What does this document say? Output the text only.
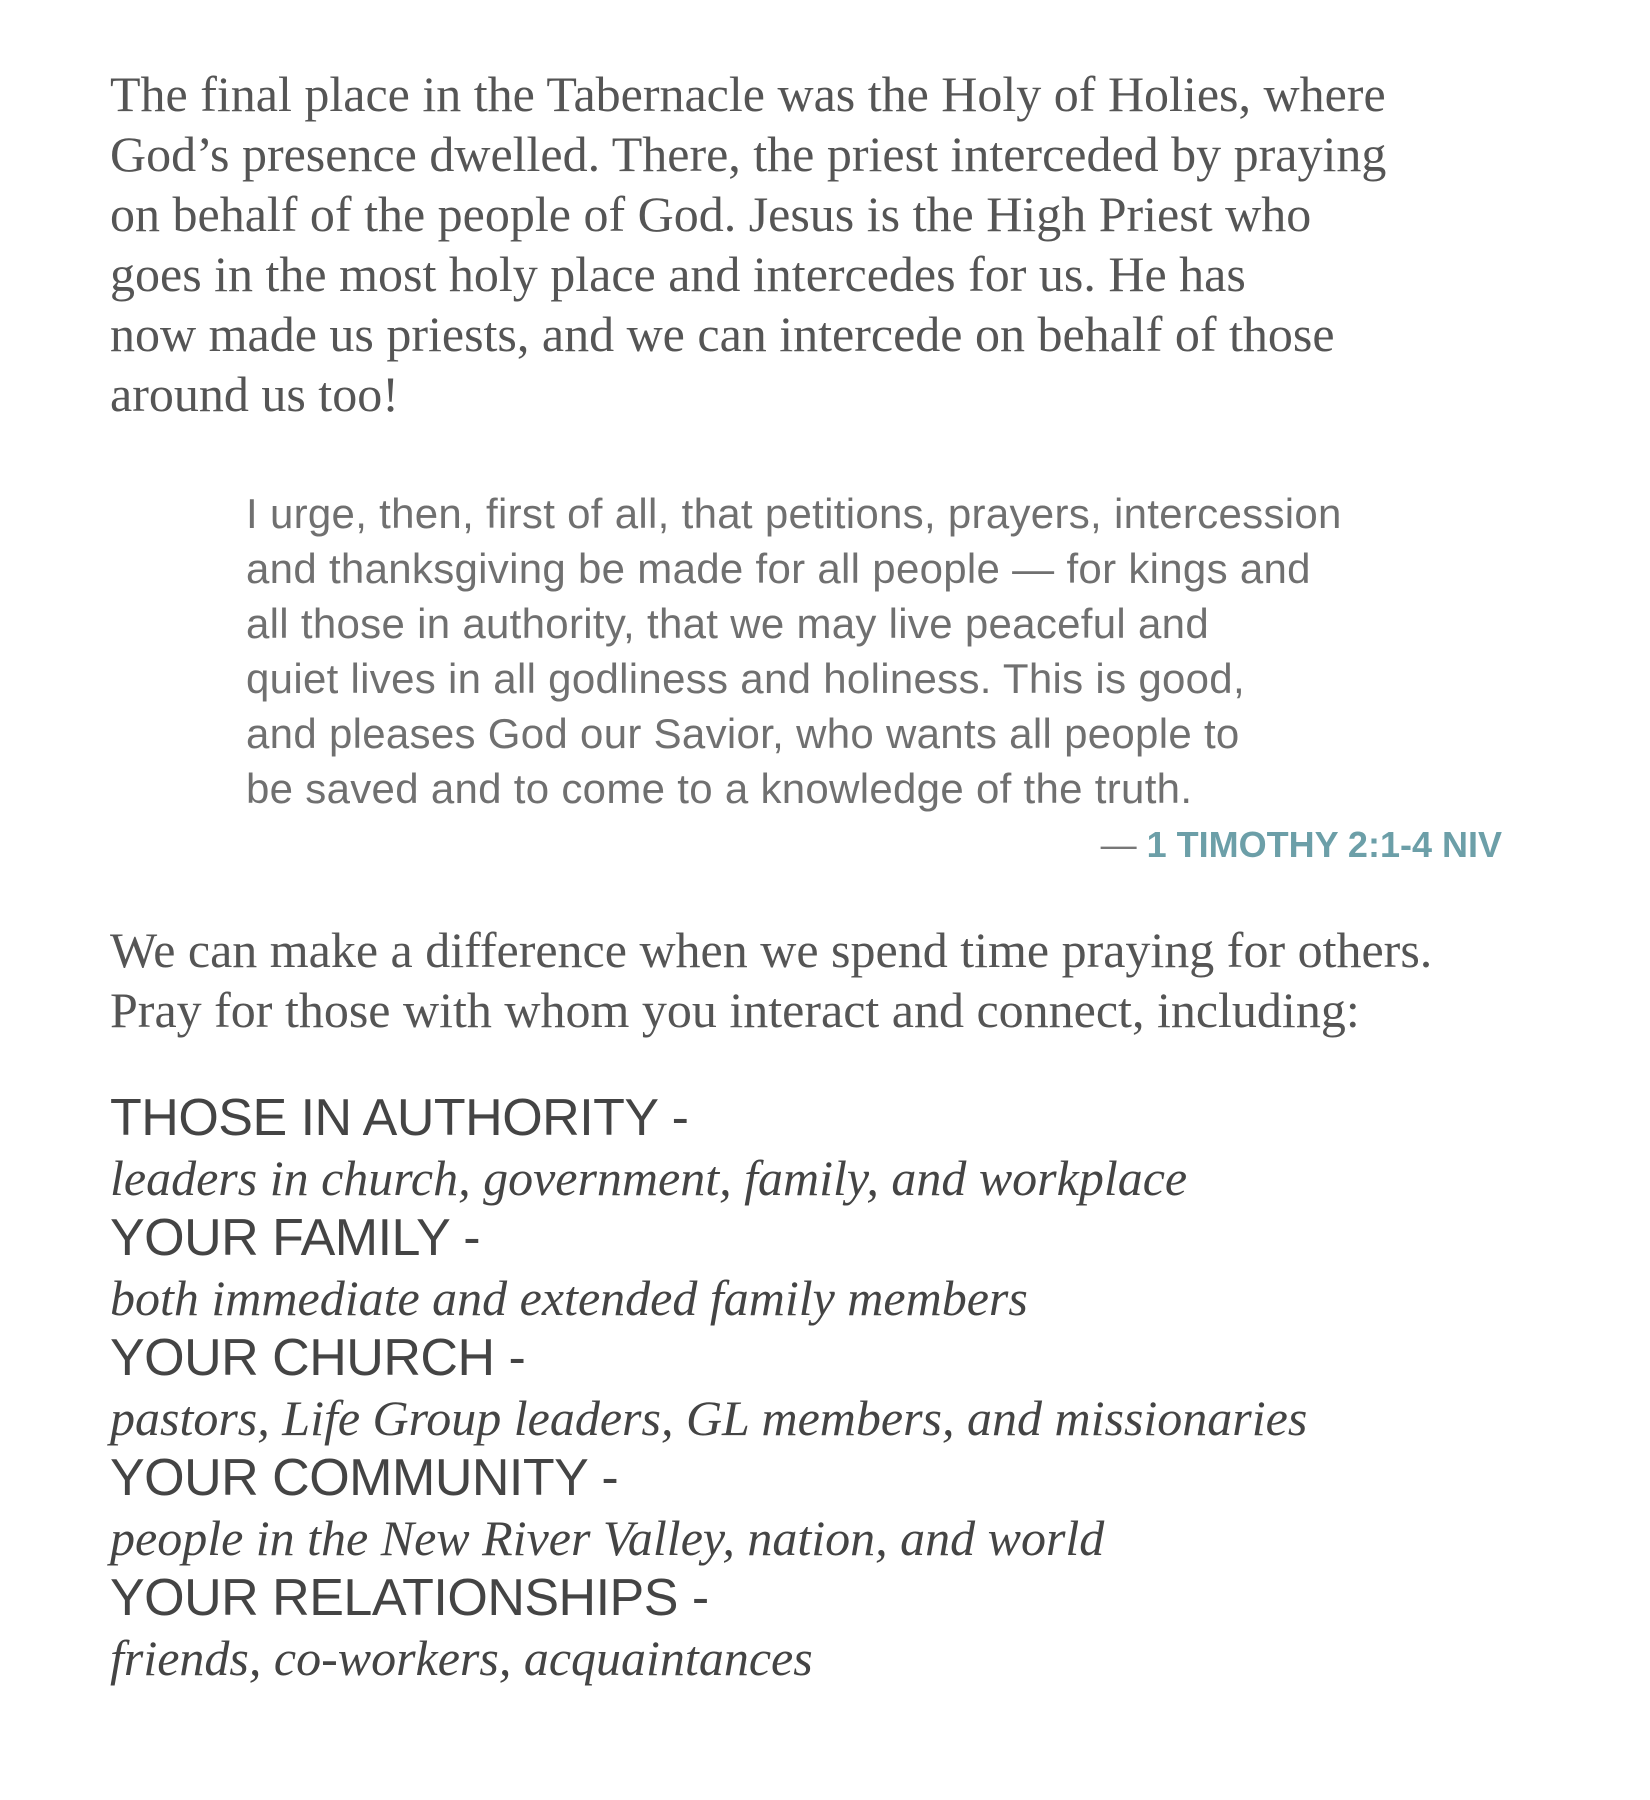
The final place in the Tabernacle was the Holy of Holies, where
God’s presence dwelled. There, the priest interceded by praying
on behalf of the people of God. Jesus is the High Priest who
goes in the most holy place and intercedes for us. He has
now made us priests, and we can intercede on behalf of those
around us too!

I urge, then, first of all, that petitions, prayers, intercession
and thanksgiving be made for all people — for kings and
all those in authority, that we may live peaceful and
quiet lives in all godliness and holiness. This is good,
and pleases God our Savior, who wants all people to
be saved and to come to a knowledge of the truth.

— 1 TIMOTHY 2:1-4 NIV

We can make a difference when we spend time praying for others.
Pray for those with whom you interact and connect, including:

THOSE IN AUTHORITY -
leaders in church, government, family, and workplace
YOUR FAMILY -
both immediate and extended family members
YOUR CHURCH -
pastors, Life Group leaders, GL members, and missionaries
YOUR COMMUNITY -
people in the New River Valley, nation, and world
YOUR RELATIONSHIPS -
friends, co-workers, acquaintances
